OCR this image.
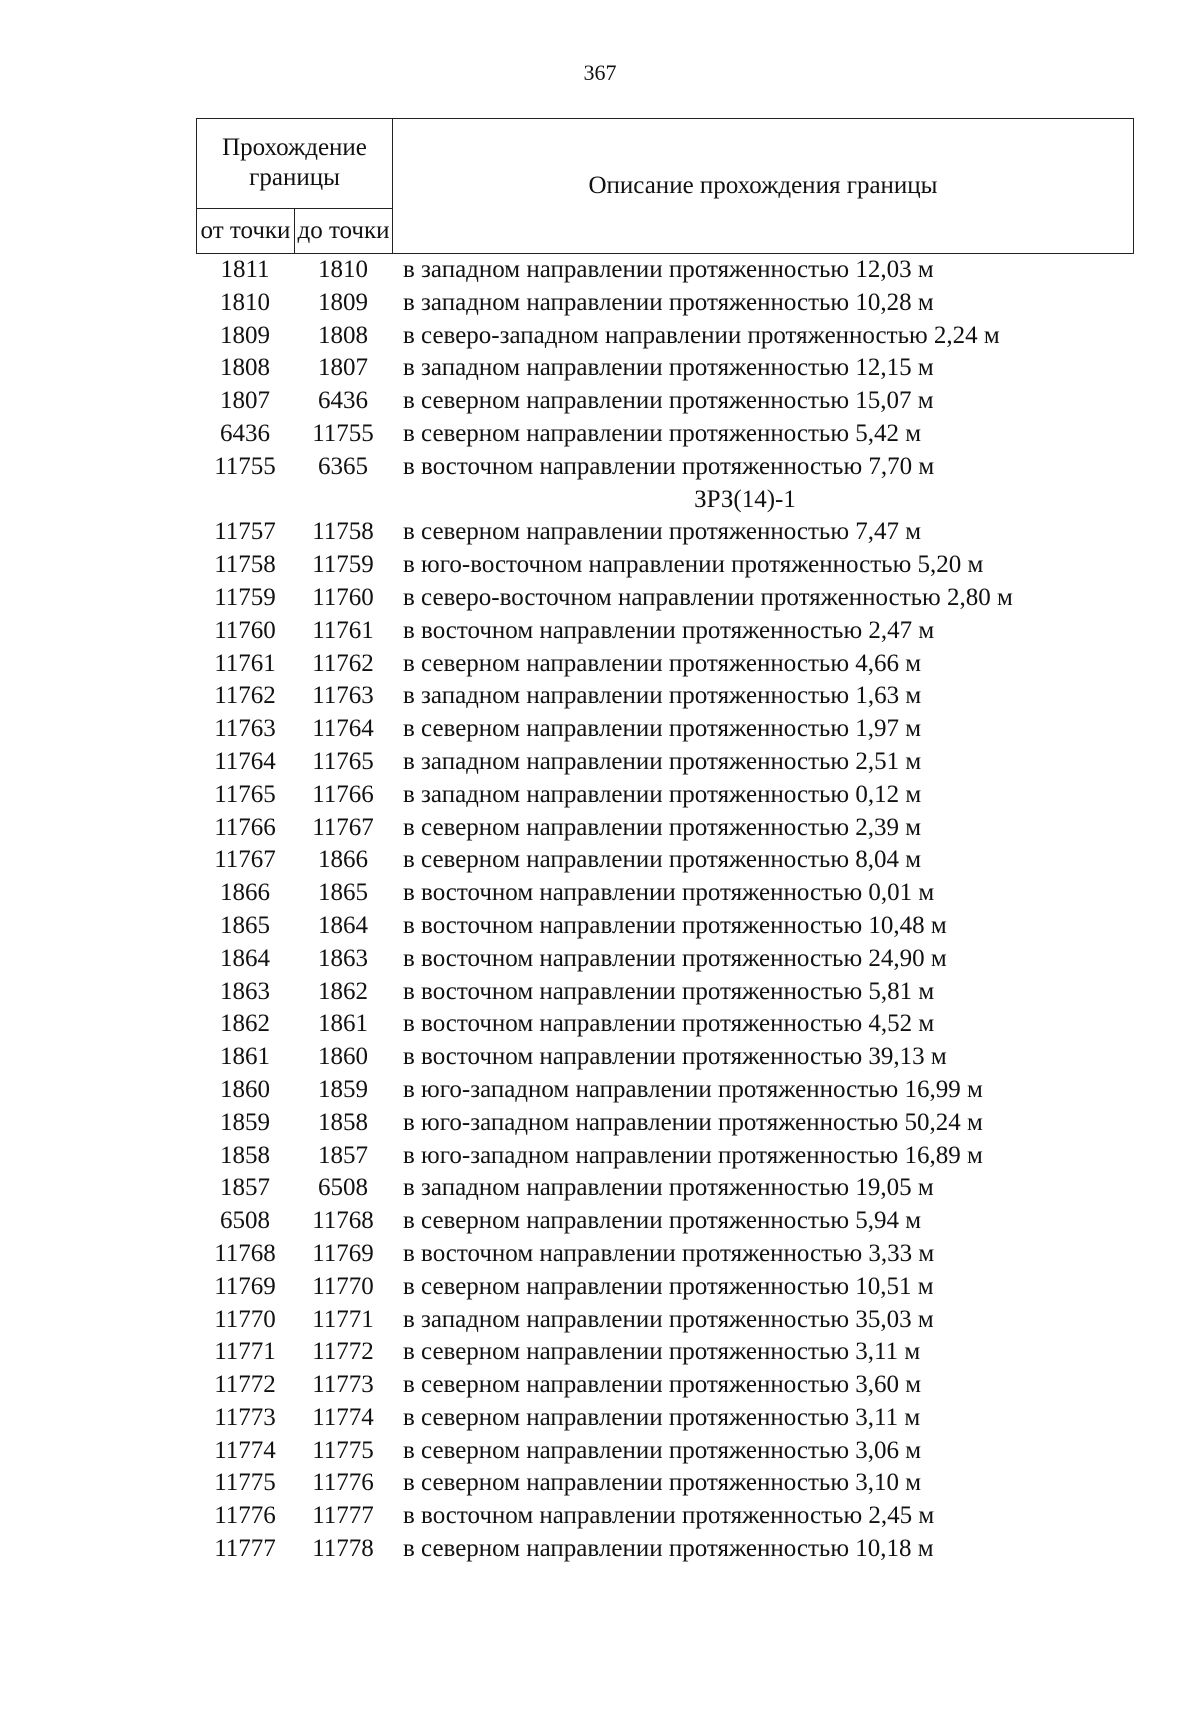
367
Прохождение границы		Описание прохождения границы
от точки	до точки	
1811	1810	в западном направлении протяженностью 12,03 м
1810	1809	в западном направлении протяженностью 10,28 м
1809	1808	в северо-западном направлении протяженностью 2,24 м
1808	1807	в западном направлении протяженностью 12,15 м
1807	6436	в северном направлении протяженностью 15,07 м
6436	11755	в северном направлении протяженностью 5,42 м
11755	6365	в восточном направлении протяженностью 7,70 м
ЗРЗ(14)-1
11757	11758	в северном направлении протяженностью 7,47 м
11758	11759	в юго-восточном направлении протяженностью 5,20 м
11759	11760	в северо-восточном направлении протяженностью 2,80 м
11760	11761	в восточном направлении протяженностью 2,47 м
11761	11762	в северном направлении протяженностью 4,66 м
11762	11763	в западном направлении протяженностью 1,63 м
11763	11764	в северном направлении протяженностью 1,97 м
11764	11765	в западном направлении протяженностью 2,51 м
11765	11766	в западном направлении протяженностью 0,12 м
11766	11767	в северном направлении протяженностью 2,39 м
11767	1866	в северном направлении протяженностью 8,04 м
1866	1865	в восточном направлении протяженностью 0,01 м
1865	1864	в восточном направлении протяженностью 10,48 м
1864	1863	в восточном направлении протяженностью 24,90 м
1863	1862	в восточном направлении протяженностью 5,81 м
1862	1861	в восточном направлении протяженностью 4,52 м
1861	1860	в восточном направлении протяженностью 39,13 м
1860	1859	в юго-западном направлении протяженностью 16,99 м
1859	1858	в юго-западном направлении протяженностью 50,24 м
1858	1857	в юго-западном направлении протяженностью 16,89 м
1857	6508	в западном направлении протяженностью 19,05 м
6508	11768	в северном направлении протяженностью 5,94 м
11768	11769	в восточном направлении протяженностью 3,33 м
11769	11770	в северном направлении протяженностью 10,51 м
11770	11771	в западном направлении протяженностью 35,03 м
11771	11772	в северном направлении протяженностью 3,11 м
11772	11773	в северном направлении протяженностью 3,60 м
11773	11774	в северном направлении протяженностью 3,11 м
11774	11775	в северном направлении протяженностью 3,06 м
11775	11776	в северном направлении протяженностью 3,10 м
11776	11777	в восточном направлении протяженностью 2,45 м
11777	11778	в северном направлении протяженностью 10,18 м
